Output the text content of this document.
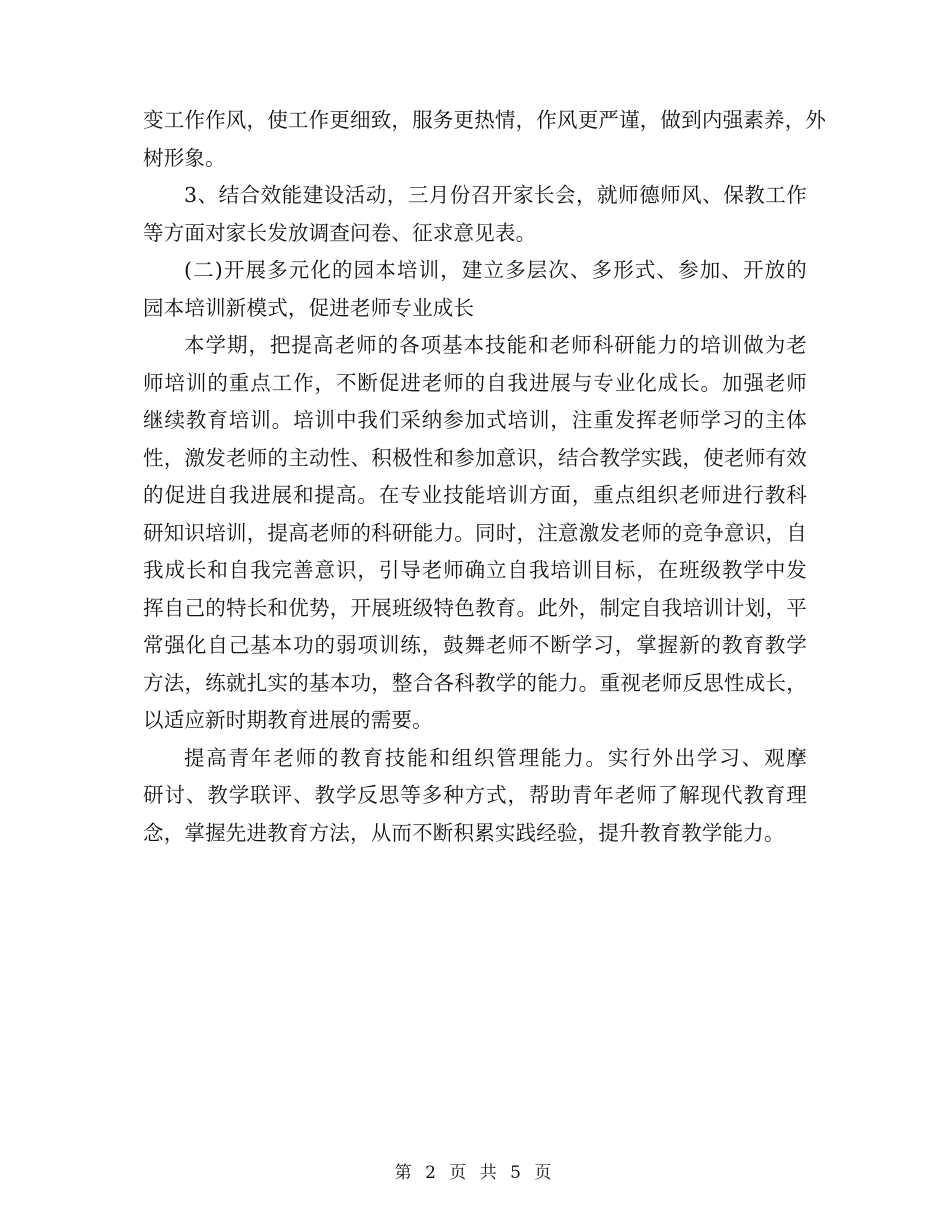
变工作作风，使工作更细致，服务更热情，作风更严谨，做到内强素养，外
树形象。
3、结合效能建设活动，三月份召开家长会，就师德师风、保教工作
等方面对家长发放调查问卷、征求意见表。
(二)开展多元化的园本培训，建立多层次、多形式、参加、开放的
园本培训新模式，促进老师专业成长
本学期，把提高老师的各项基本技能和老师科研能力的培训做为老
师培训的重点工作，不断促进老师的自我进展与专业化成长。加强老师
继续教育培训。培训中我们采纳参加式培训，注重发挥老师学习的主体
性，激发老师的主动性、积极性和参加意识，结合教学实践，使老师有效
的促进自我进展和提高。在专业技能培训方面，重点组织老师进行教科
研知识培训，提高老师的科研能力。同时，注意激发老师的竞争意识，自
我成长和自我完善意识，引导老师确立自我培训目标，在班级教学中发
挥自己的特长和优势，开展班级特色教育。此外，制定自我培训计划，平
常强化自己基本功的弱项训练，鼓舞老师不断学习，掌握新的教育教学
方法，练就扎实的基本功，整合各科教学的能力。重视老师反思性成长，
以适应新时期教育进展的需要。
提高青年老师的教育技能和组织管理能力。实行外出学习、观摩
研讨、教学联评、教学反思等多种方式，帮助青年老师了解现代教育理
念，掌握先进教育方法，从而不断积累实践经验，提升教育教学能力。
第 2 页 共 5 页
